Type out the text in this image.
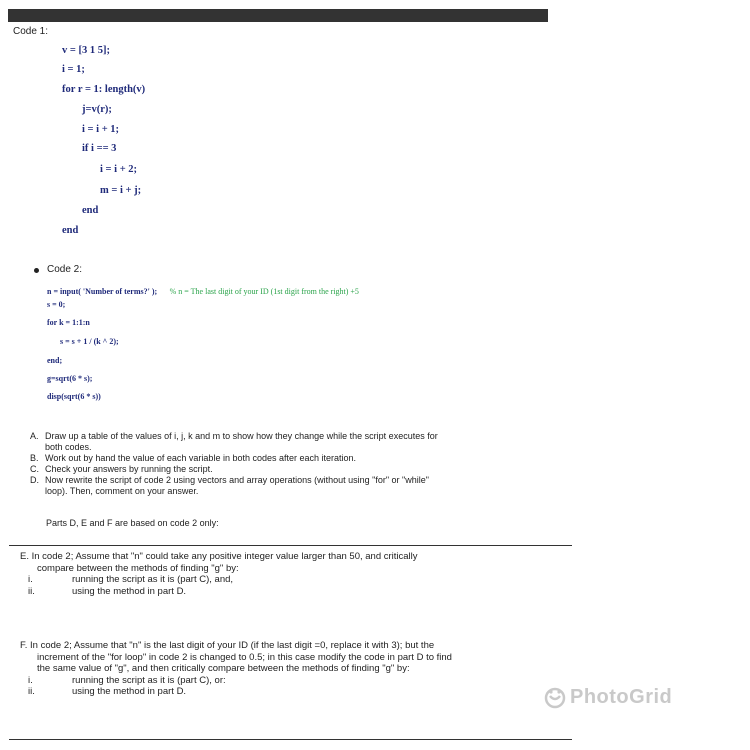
Code 1:
v = [3 1 5];
i = 1;
for r = 1: length(v)
j=v(r);
i = i + 1;
if i == 3
i = i + 2;
m = i + j;
end
end
Code 2:
n = input( 'Number of terms?' ); % n = The last digit of your ID (1st digit from the right) +5
s = 0;
for k = 1:1:n
s = s + 1 / (k ^ 2);
end;
g=sqrt(6 * s);
disp(sqrt(6 * s))
A. Draw up a table of the values of i, j, k and m to show how they change while the script executes for
both codes.
B. Work out by hand the value of each variable in both codes after each iteration.
C. Check your answers by running the script.
D. Now rewrite the script of code 2 using vectors and array operations (without using "for" or "while"
loop). Then, comment on your answer.
Parts D, E and F are based on code 2 only:
E. In code 2; Assume that "n" could take any positive integer value larger than 50, and critically
compare between the methods of finding "g" by:
i.	running the script as it is (part C), and,
ii.	using the method in part D.
F. In code 2; Assume that "n" is the last digit of your ID (if the last digit =0, replace it with 3); but the
increment of the "for loop" in code 2 is changed to 0.5; in this case modify the code in part D to find
the same value of "g", and then critically compare between the methods of finding "g" by:
i.	running the script as it is (part C), or:
ii.	using the method in part D.	PhotoGrid
